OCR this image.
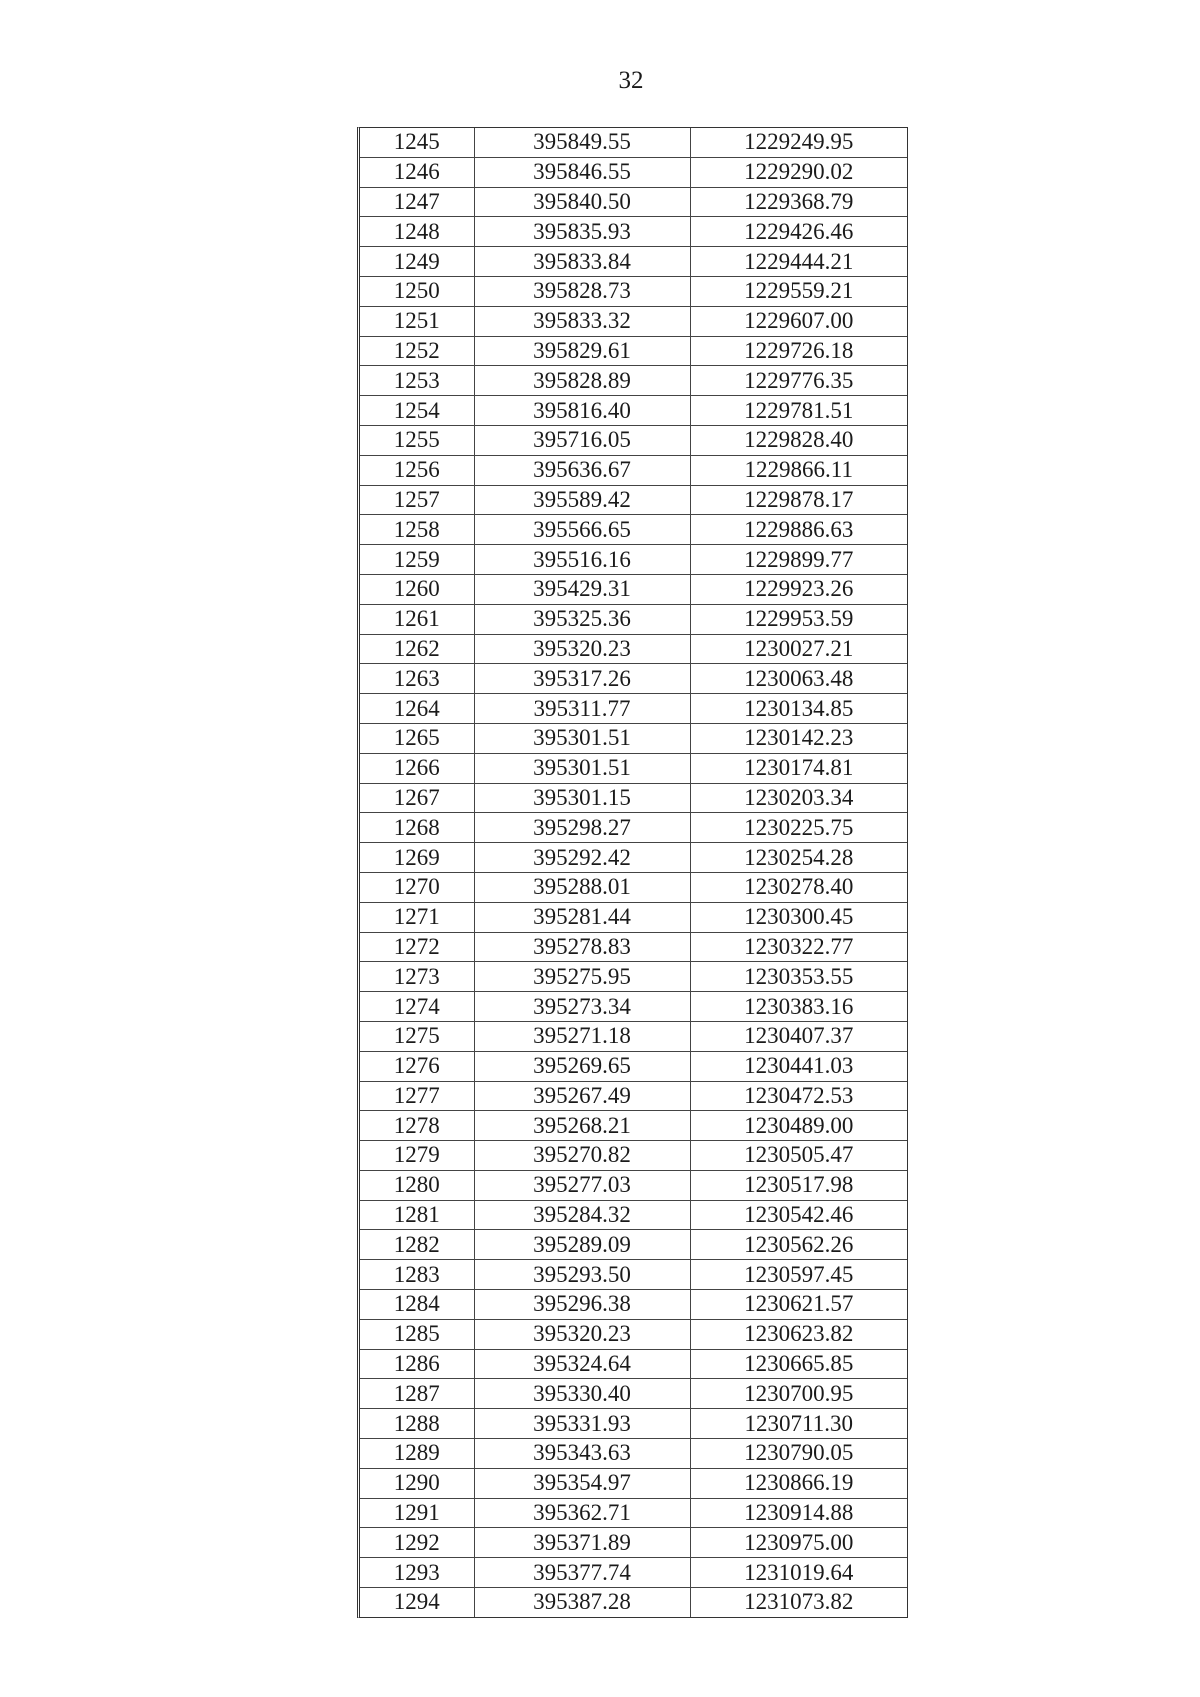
32
1245	395849.55	1229249.95
1246	395846.55	1229290.02
1247	395840.50	1229368.79
1248	395835.93	1229426.46
1249	395833.84	1229444.21
1250	395828.73	1229559.21
1251	395833.32	1229607.00
1252	395829.61	1229726.18
1253	395828.89	1229776.35
1254	395816.40	1229781.51
1255	395716.05	1229828.40
1256	395636.67	1229866.11
1257	395589.42	1229878.17
1258	395566.65	1229886.63
1259	395516.16	1229899.77
1260	395429.31	1229923.26
1261	395325.36	1229953.59
1262	395320.23	1230027.21
1263	395317.26	1230063.48
1264	395311.77	1230134.85
1265	395301.51	1230142.23
1266	395301.51	1230174.81
1267	395301.15	1230203.34
1268	395298.27	1230225.75
1269	395292.42	1230254.28
1270	395288.01	1230278.40
1271	395281.44	1230300.45
1272	395278.83	1230322.77
1273	395275.95	1230353.55
1274	395273.34	1230383.16
1275	395271.18	1230407.37
1276	395269.65	1230441.03
1277	395267.49	1230472.53
1278	395268.21	1230489.00
1279	395270.82	1230505.47
1280	395277.03	1230517.98
1281	395284.32	1230542.46
1282	395289.09	1230562.26
1283	395293.50	1230597.45
1284	395296.38	1230621.57
1285	395320.23	1230623.82
1286	395324.64	1230665.85
1287	395330.40	1230700.95
1288	395331.93	1230711.30
1289	395343.63	1230790.05
1290	395354.97	1230866.19
1291	395362.71	1230914.88
1292	395371.89	1230975.00
1293	395377.74	1231019.64
1294	395387.28	1231073.82
